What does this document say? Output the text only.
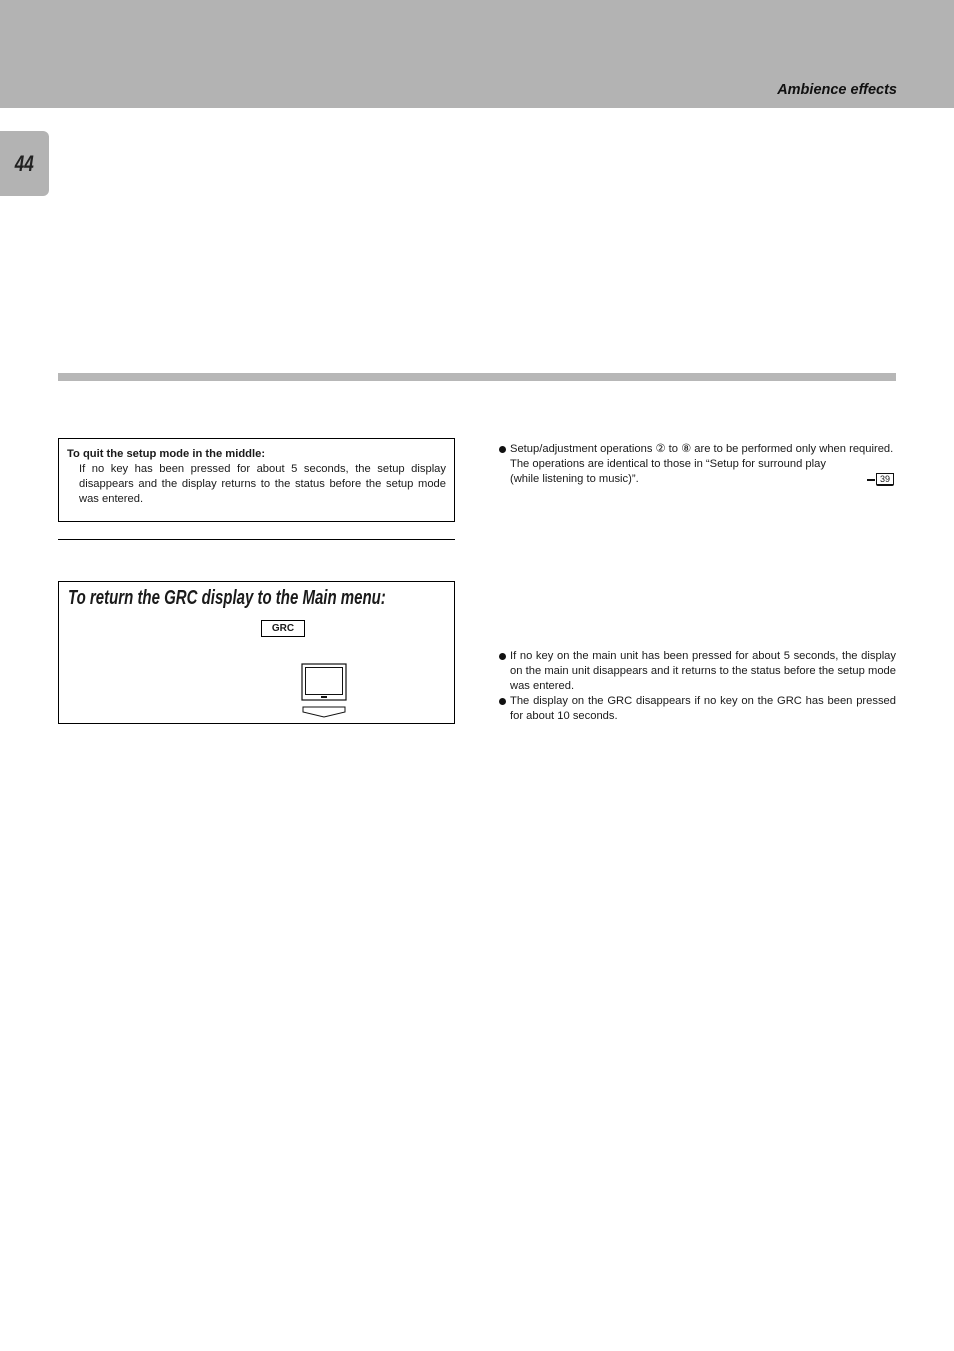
Ambience effects
44
To quit the setup mode in the middle:
If no key has been pressed for about 5 seconds, the setup display disappears and the display returns to the status before the setup mode was entered.
To return the GRC display to the Main menu:
GRC
Setup/adjustment operations ② to ⑧ are to be performed only when required.
The operations are identical to those in “Setup for surround play (while listening to music)”.	39
If no key on the main unit has been pressed for about 5 seconds, the display on the main unit disappears and it returns to the status before the setup mode was entered.
The display on the GRC disappears if no key on the GRC has been pressed for about 10 seconds.
